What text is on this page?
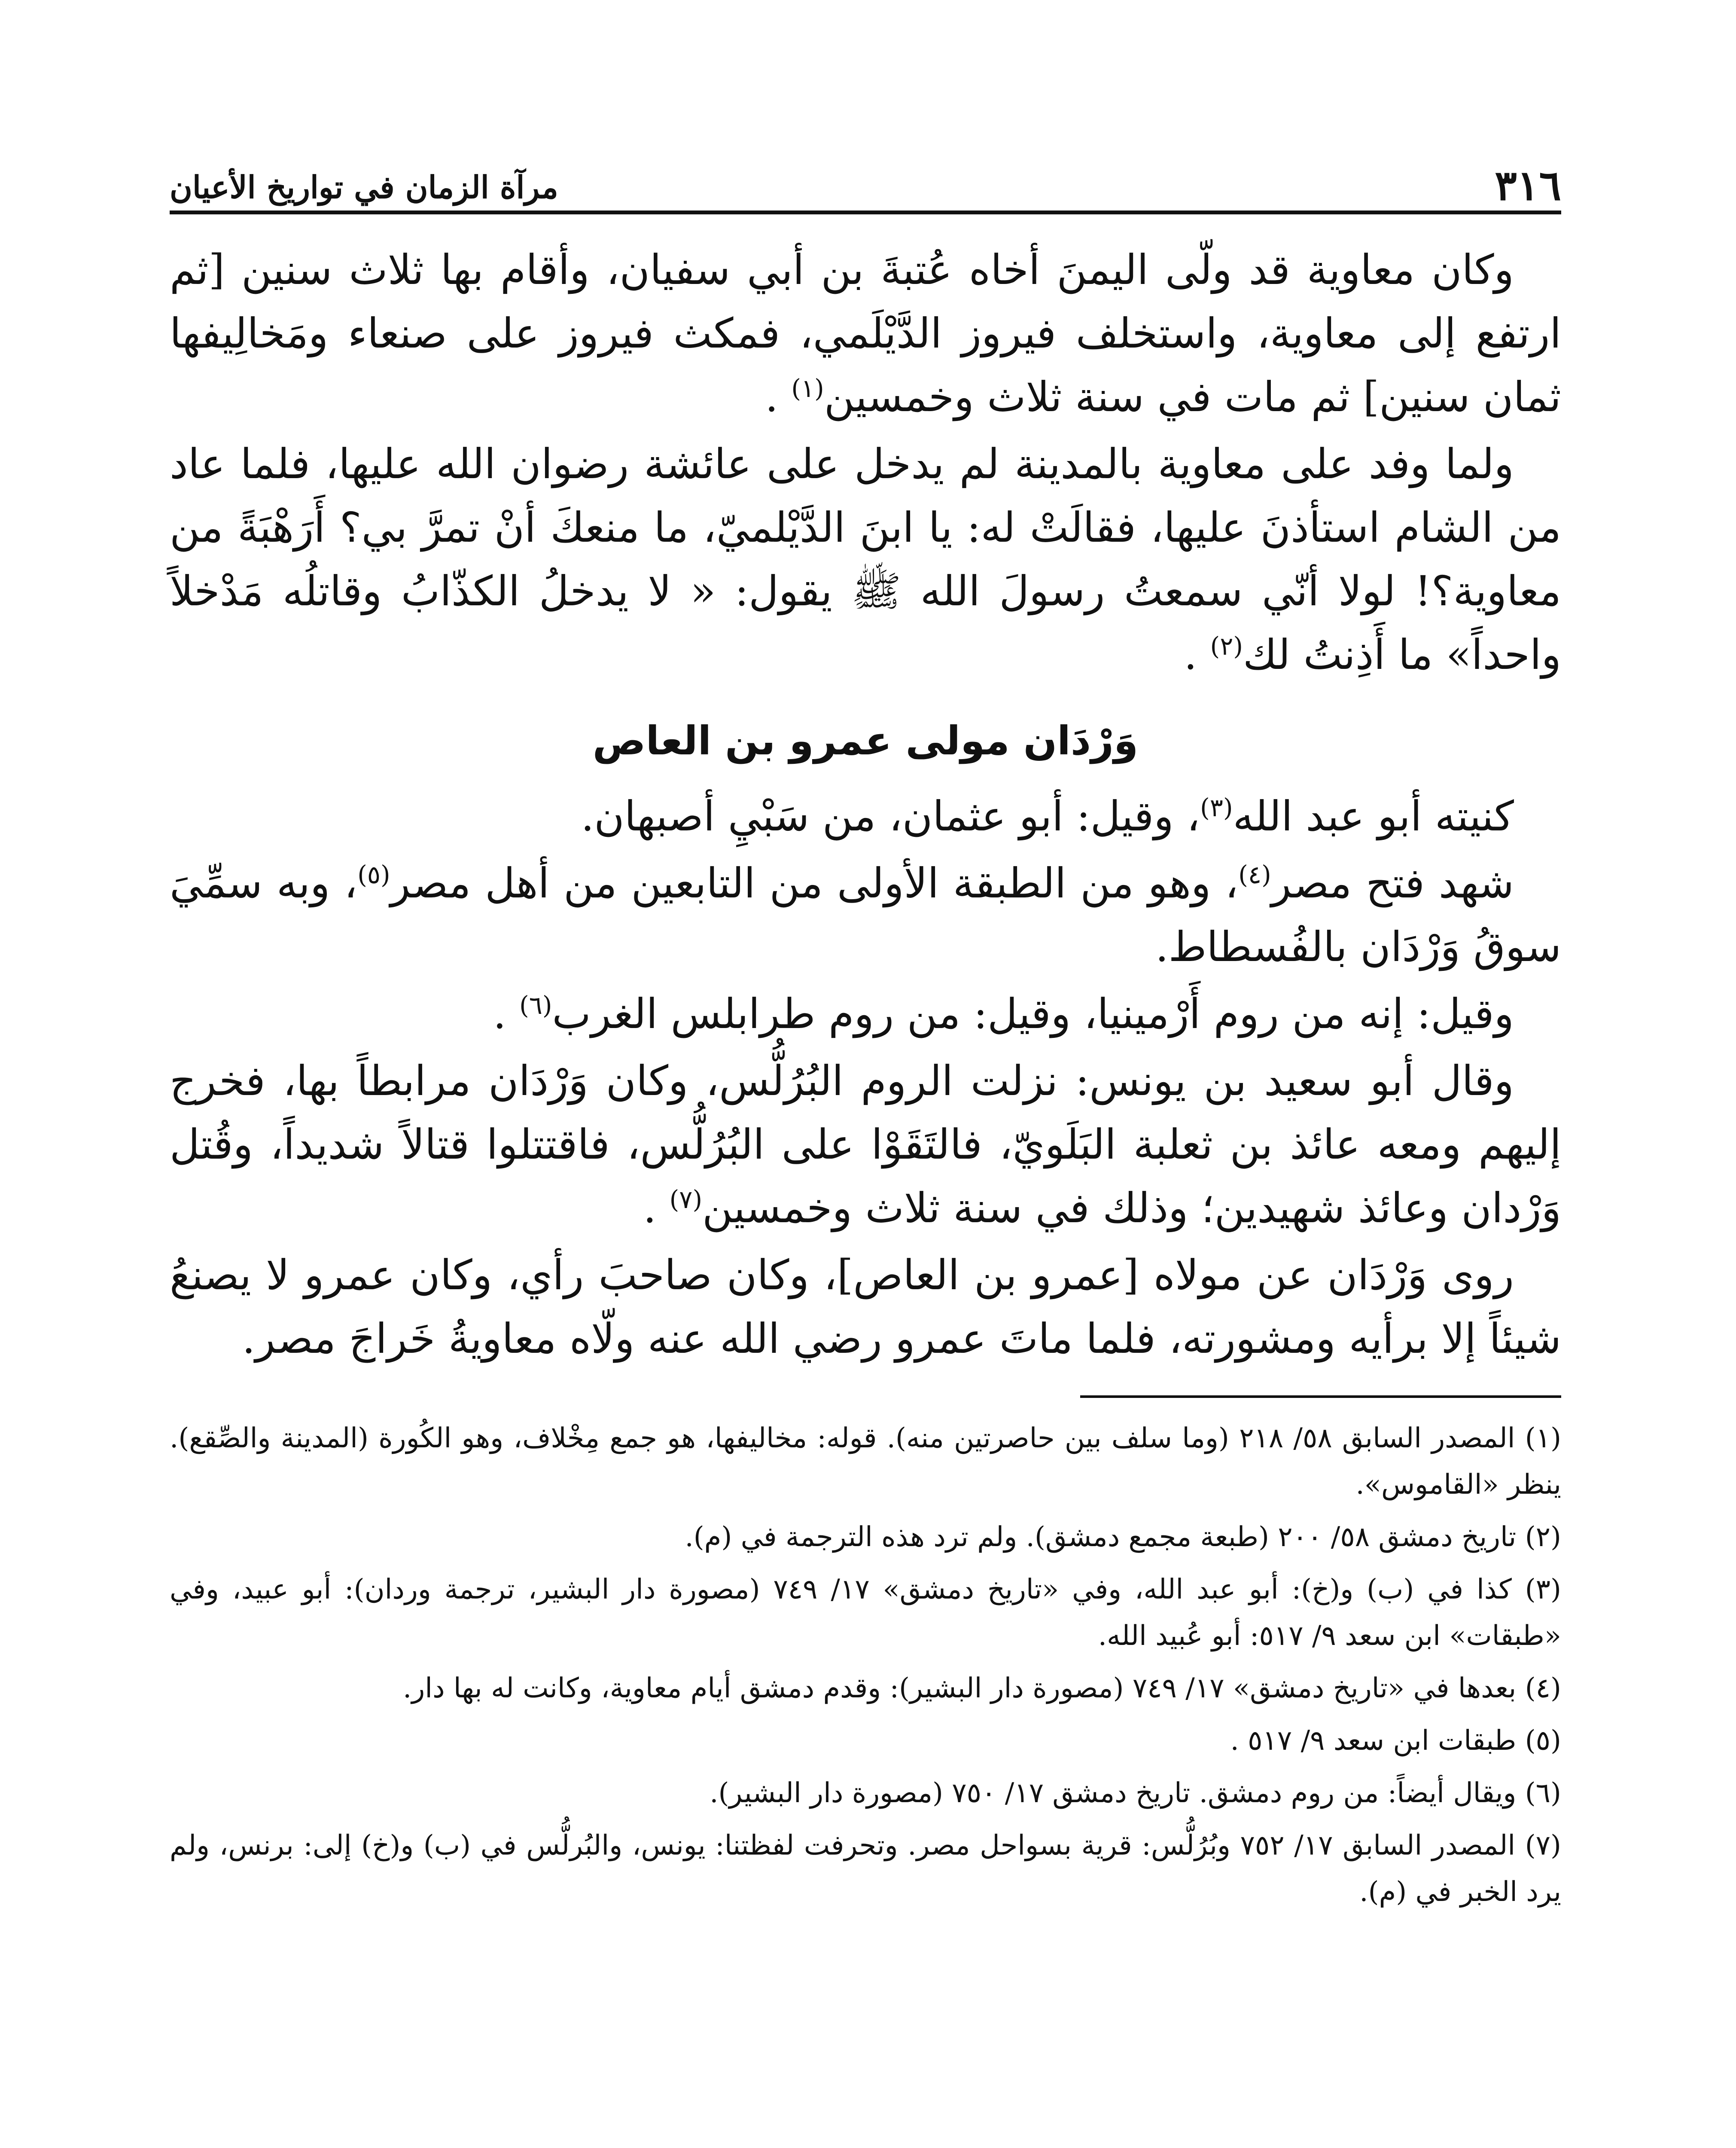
٣١٦
مرآة الزمان في تواريخ الأعيان

وكان معاوية قد ولّى اليمنَ أخاه عُتبةَ بن أبي سفيان، وأقام بها ثلاث سنين [ثم ارتفع إلى معاوية، واستخلف فيروز الدَّيْلَمي، فمكث فيروز على صنعاء ومَخالِيفها ثمان سنين] ثم مات في سنة ثلاث وخمسين$^{(١)}$ .

ولما وفد على معاوية بالمدينة لم يدخل على عائشة رضوان الله عليها، فلما عاد من الشام استأذنَ عليها، فقالَتْ له: يا ابنَ الدَّيْلميّ، ما منعكَ أنْ تمرَّ بي؟ أَرَهْبَةً من معاوية؟! لولا أنّي سمعتُ رسولَ الله ﷺ يقول: « لا يدخلُ الكذّابُ وقاتلُه مَدْخلاً واحداً» ما أَذِنتُ لك$^{(٢)}$ .

وَرْدَان مولى عمرو بن العاص

كنيته أبو عبد الله$^{(٣)}$، وقيل: أبو عثمان، من سَبْيِ أصبهان.

شهد فتح مصر$^{(٤)}$، وهو من الطبقة الأولى من التابعين من أهل مصر$^{(٥)}$، وبه سمِّيَ سوقُ وَرْدَان بالفُسطاط.

وقيل: إنه من روم أَرْمينيا، وقيل: من روم طرابلس الغرب$^{(٦)}$ .

وقال أبو سعيد بن يونس: نزلت الروم البُرُلُّس، وكان وَرْدَان مرابطاً بها، فخرج إليهم ومعه عائذ بن ثعلبة البَلَويّ، فالتَقَوْا على البُرُلُّس، فاقتتلوا قتالاً شديداً، وقُتل وَرْدان وعائذ شهيدين؛ وذلك في سنة ثلاث وخمسين$^{(٧)}$ .

روى وَرْدَان عن مولاه [عمرو بن العاص]، وكان صاحبَ رأي، وكان عمرو لا يصنعُ شيئاً إلا برأيه ومشورته، فلما ماتَ عمرو رضي الله عنه ولّاه معاويةُ خَراجَ مصر.

(١) المصدر السابق ٥٨/ ٢١٨ (وما سلف بين حاصرتين منه). قوله: مخاليفها، هو جمع مِخْلاف، وهو الكُورة (المدينة والصِّقع). ينظر «القاموس».

(٢) تاريخ دمشق ٥٨/ ٢٠٠ (طبعة مجمع دمشق). ولم ترد هذه الترجمة في (م).

(٣) كذا في (ب) و(خ): أبو عبد الله، وفي «تاريخ دمشق» ١٧/ ٧٤٩ (مصورة دار البشير، ترجمة وردان): أبو عبيد، وفي «طبقات» ابن سعد ٩/ ٥١٧: أبو عُبيد الله.

(٤) بعدها في «تاريخ دمشق» ١٧/ ٧٤٩ (مصورة دار البشير): وقدم دمشق أيام معاوية، وكانت له بها دار.

(٥) طبقات ابن سعد ٩/ ٥١٧ .

(٦) ويقال أيضاً: من روم دمشق. تاريخ دمشق ١٧/ ٧٥٠ (مصورة دار البشير).

(٧) المصدر السابق ١٧/ ٧٥٢ وبُرُلُّس: قرية بسواحل مصر. وتحرفت لفظتنا: يونس، والبُرلُّس في (ب) و(خ) إلى: برنس، ولم يرد الخبر في (م).
